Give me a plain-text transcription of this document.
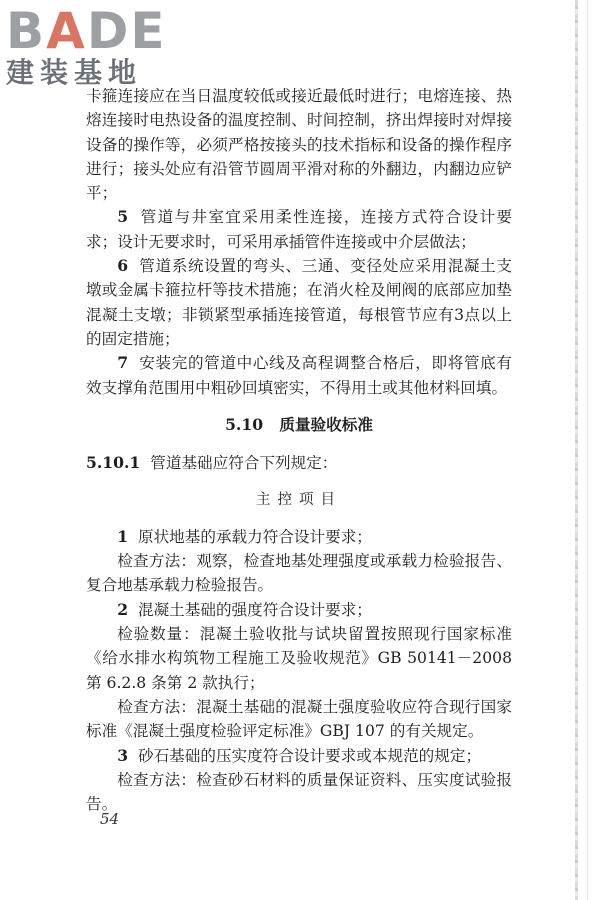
BADE
建装基地

卡箍连接应在当日温度较低或接近最低时进行；电熔连接、热熔连接时电热设备的温度控制、时间控制，挤出焊接时对焊接设备的操作等，必须严格按接头的技术指标和设备的操作程序进行；接头处应有沿管节圆周平滑对称的外翻边，内翻边应铲平；

5 管道与井室宜采用柔性连接，连接方式符合设计要求；设计无要求时，可采用承插管件连接或中介层做法；

6 管道系统设置的弯头、三通、变径处应采用混凝土支墩或金属卡箍拉杆等技术措施；在消火栓及闸阀的底部应加垫混凝土支墩；非锁紧型承插连接管道，每根管节应有3点以上的固定措施；

7 安装完的管道中心线及高程调整合格后，即将管底有效支撑角范围用中粗砂回填密实，不得用土或其他材料回填。

5.10 质量验收标准
5.10.1 管道基础应符合下列规定：
主控项目

1 原状地基的承载力符合设计要求；

检查方法：观察，检查地基处理强度或承载力检验报告、复合地基承载力检验报告。

2 混凝土基础的强度符合设计要求；

检验数量：混凝土验收批与试块留置按照现行国家标准《给水排水构筑物工程施工及验收规范》GB 50141－2008 第 6.2.8 条第 2 款执行；

检查方法：混凝土基础的混凝土强度验收应符合现行国家标准《混凝土强度检验评定标准》GBJ 107 的有关规定。

3 砂石基础的压实度符合设计要求或本规范的规定；

检查方法：检查砂石材料的质量保证资料、压实度试验报告。

54
